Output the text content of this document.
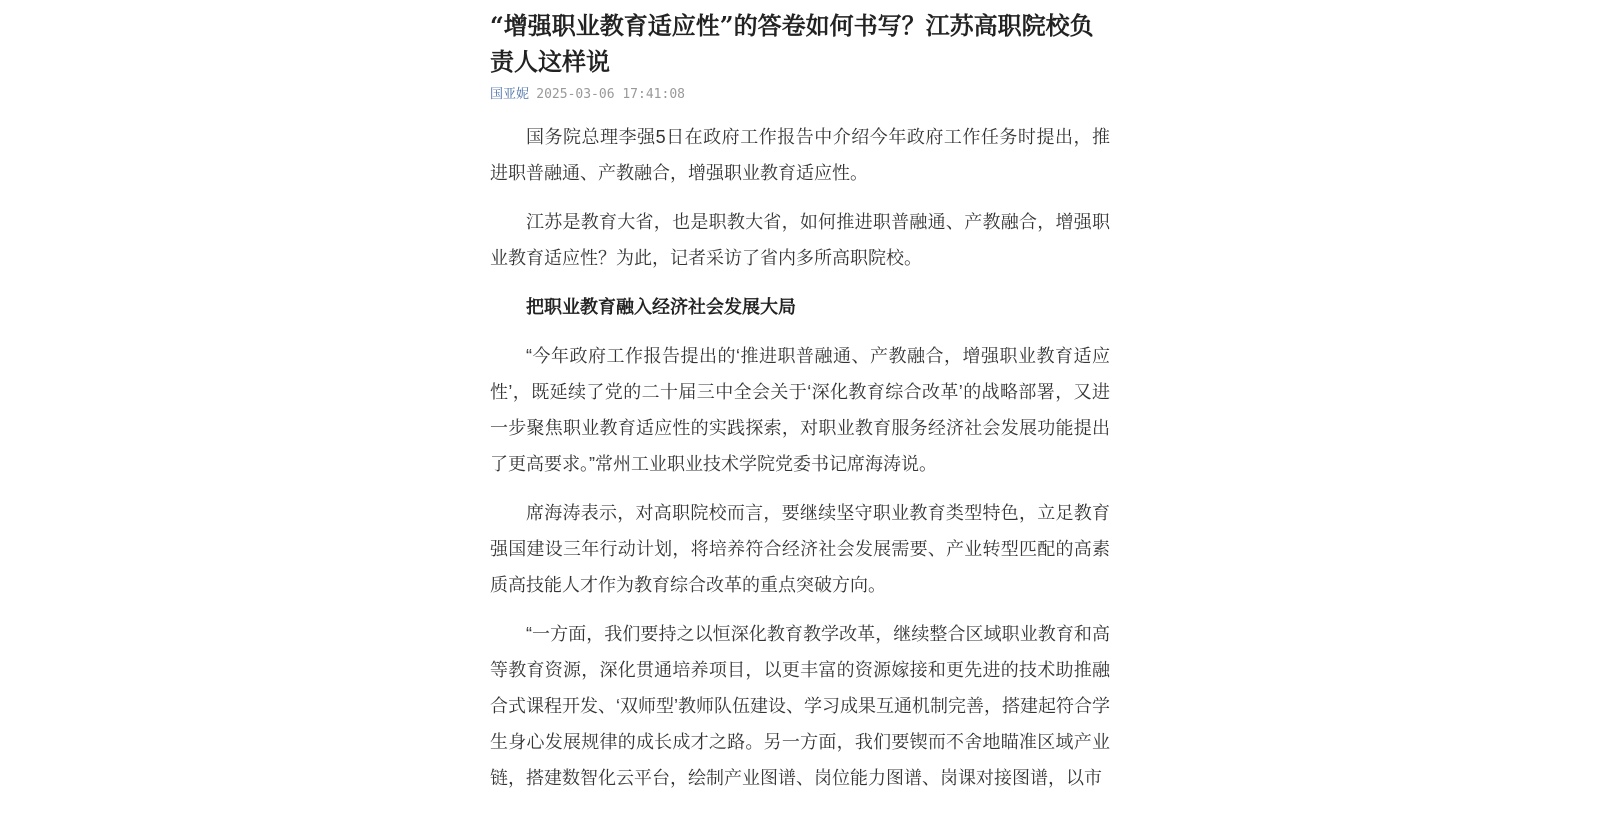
“增强职业教育适应性”的答卷如何书写？江苏高职院校负责人这样说
国亚妮 2025-03-06 17:41:08

国务院总理李强5日在政府工作报告中介绍今年政府工作任务时提出，推进职普融通、产教融合，增强职业教育适应性。

江苏是教育大省，也是职教大省，如何推进职普融通、产教融合，增强职业教育适应性？为此，记者采访了省内多所高职院校。

把职业教育融入经济社会发展大局

“今年政府工作报告提出的‘推进职普融通、产教融合，增强职业教育适应性’，既延续了党的二十届三中全会关于‘深化教育综合改革’的战略部署，又进一步聚焦职业教育适应性的实践探索，对职业教育服务经济社会发展功能提出了更高要求。”常州工业职业技术学院党委书记席海涛说。

席海涛表示，对高职院校而言，要继续坚守职业教育类型特色，立足教育强国建设三年行动计划，将培养符合经济社会发展需要、产业转型匹配的高素质高技能人才作为教育综合改革的重点突破方向。

“一方面，我们要持之以恒深化教育教学改革，继续整合区域职业教育和高等教育资源，深化贯通培养项目，以更丰富的资源嫁接和更先进的技术助推融合式课程开发、‘双师型’教师队伍建设、学习成果互通机制完善，搭建起符合学生身心发展规律的成长成才之路。另一方面，我们要锲而不舍地瞄准区域产业链，搭建数智化云平台，绘制产业图谱、岗位能力图谱、岗课对接图谱，以市
